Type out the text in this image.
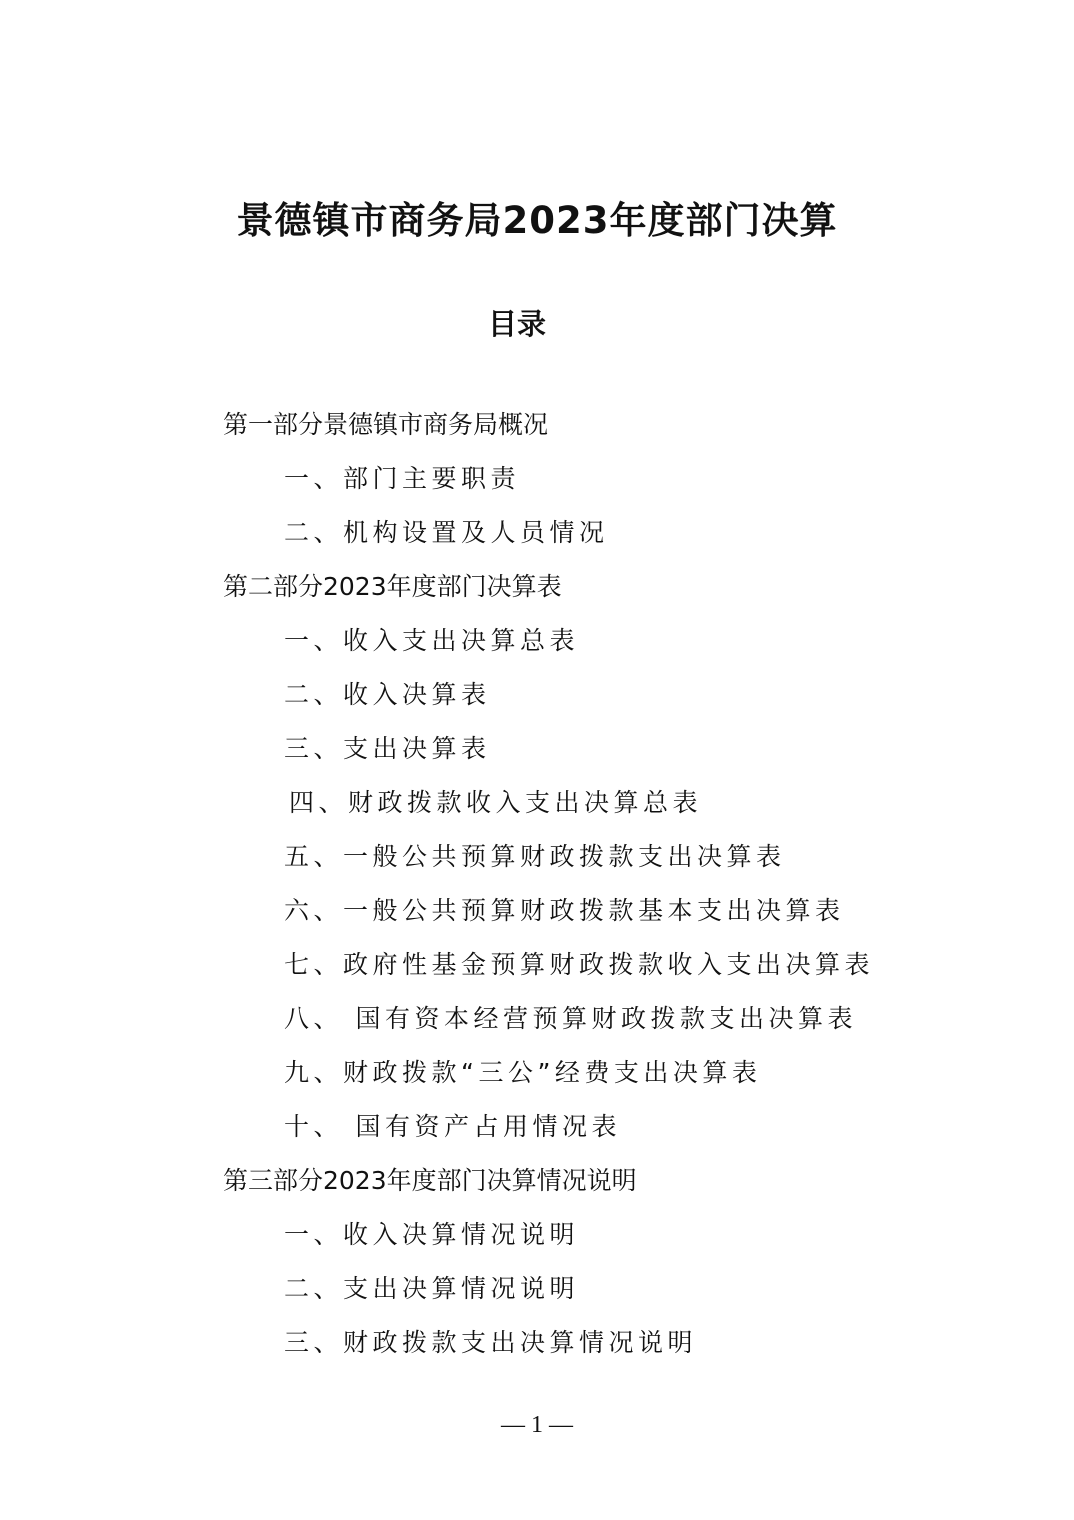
景德镇市商务局2023年度部门决算
目录
第一部分景德镇市商务局概况
一、部门主要职责
二、机构设置及人员情况
第二部分2023年度部门决算表
一、收入支出决算总表
二、收入决算表
三、支出决算表
四、财政拨款收入支出决算总表
五、一般公共预算财政拨款支出决算表
六、一般公共预算财政拨款基本支出决算表
七、政府性基金预算财政拨款收入支出决算表
八、 国有资本经营预算财政拨款支出决算表
九、财政拨款“三公”经费支出决算表
十、 国有资产占用情况表
第三部分2023年度部门决算情况说明
一、收入决算情况说明
二、支出决算情况说明
三、财政拨款支出决算情况说明
— 1 —
